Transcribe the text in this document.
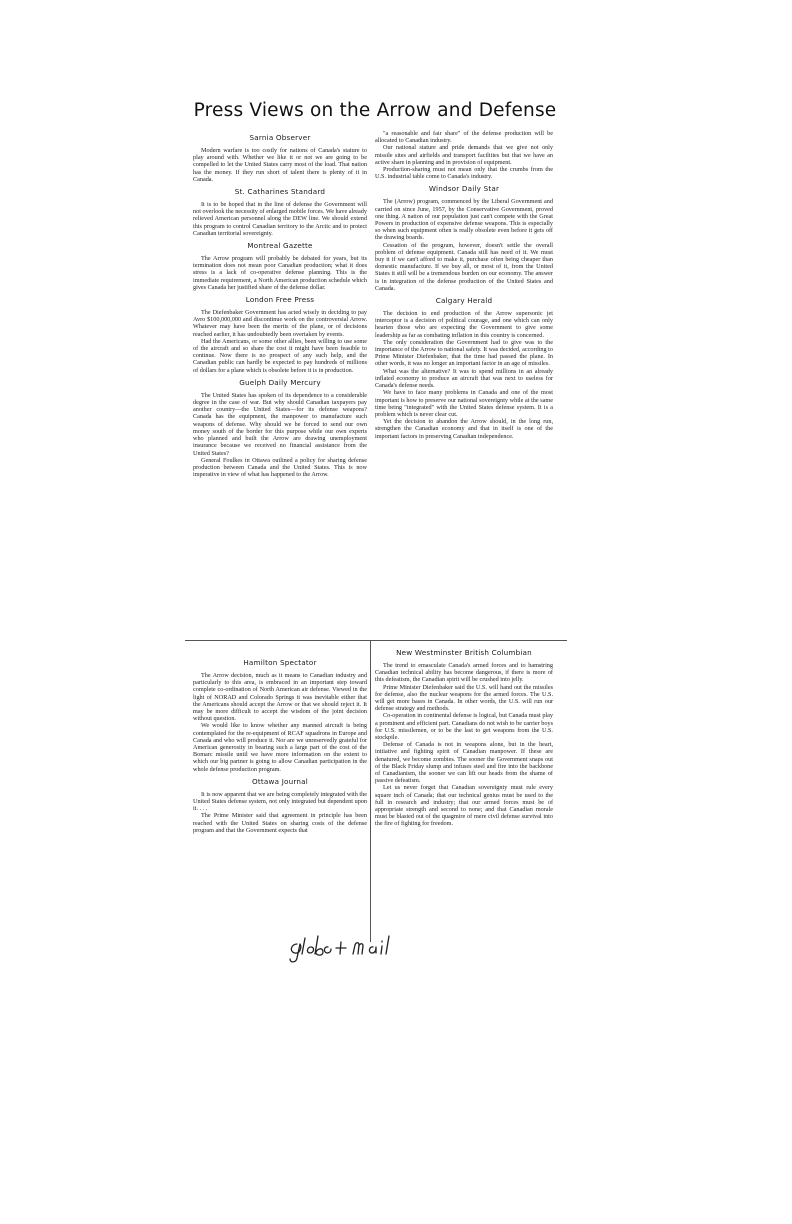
Press Views on the Arrow and Defense
Sarnia Observer

Modern warfare is too costly for nations of Canada's stature to play around with. Whether we like it or not we are going to be compelled to let the United States carry most of the load. That nation has the money. If they run short of talent there is plenty of it in Canada.

St. Catharines Standard

It is to be hoped that in the line of defense the Government will not overlook the necessity of enlarged mobile forces. We have already relieved American personnel along the DEW line. We should extend this program to control Canadian territory to the Arctic and to protect Canadian territorial sovereignty.

Montreal Gazette

The Arrow program will probably be debated for years, but its termination does not mean poor Canadian production; what it does stress is a lack of co-operative defense planning. This is the immediate requirement, a North American production schedule which gives Canada her justified share of the defense dollar.

London Free Press

The Diefenbaker Government has acted wisely in deciding to pay Avro $100,000,000 and discontinue work on the controversial Arrow. Whatever may have been the merits of the plane, or of decisions reached earlier, it has undoubtedly been overtaken by events.

Had the Americans, or some other allies, been willing to use some of the aircraft and so share the cost it might have been feasible to continue. Now there is no prospect of any such help, and the Canadian public can hardly be expected to pay hundreds of millions of dollars for a plane which is obsolete before it is in production.

Guelph Daily Mercury

The United States has spoken of its dependence to a considerable degree in the case of war. But why should Canadian taxpayers pay another country—the United States—for its defense weapons? Canada has the equipment, the manpower to manufacture such weapons of defense. Why should we be forced to send our own money south of the border for this purpose while our own experts who planned and built the Arrow are drawing unemployment insurance because we received no financial assistance from the United States?

General Foulkes in Ottawa outlined a policy for sharing defense production between Canada and the United States. This is now imperative in view of what has happened to the Arrow.

"a reasonable and fair share" of the defense production will be allocated to Canadian industry.

Our national stature and pride demands that we give not only missile sites and airfields and transport facilities but that we have an active share in planning and in provision of equipment.

Production-sharing must not mean only that the crumbs from the U.S. industrial table come to Canada's industry.

Windsor Daily Star

The (Arrow) program, commenced by the Liberal Government and carried on since June, 1957, by the Conservative Government, proved one thing. A nation of our population just can't compete with the Great Powers in production of expensive defense weapons. This is especially so when such equipment often is really obsolete even before it gets off the drawing boards.

Cessation of the program, however, doesn't settle the overall problem of defense equipment. Canada still has need of it. We must buy it if we can't afford to make it, purchase often being cheaper than domestic manufacture. If we buy all, or most of it, from the United States it still will be a tremendous burden on our economy. The answer is in integration of the defense production of the United States and Canada.

Calgary Herald

The decision to end production of the Arrow supersonic jet interceptor is a decision of political courage, and one which can only hearten those who are expecting the Government to give some leadership as far as combating inflation in this country is concerned.

The only consideration the Government had to give was to the importance of the Arrow to national safety. It was decided, according to Prime Minister Diefenbaker, that the time had passed the plane. In other words, it was no longer an important factor in an age of missiles.

What was the alternative? It was to spend millions in an already inflated economy to produce an aircraft that was next to useless for Canada's defense needs.

We have to face many problems in Canada and one of the most important is how to preserve our national sovereignty while at the same time being "integrated" with the United States defense system. It is a problem which is never clear cut.

Yet the decision to abandon the Arrow should, in the long run, strengthen the Canadian economy and that in itself is one of the important factors in preserving Canadian independence.

Hamilton Spectator

The Arrow decision, much as it means to Canadian industry and particularly to this area, is embraced in an important step toward complete co-ordination of North American air defense. Viewed in the light of NORAD and Colorado Springs it was inevitable either that the Americans should accept the Arrow or that we should reject it. It may be more difficult to accept the wisdom of the joint decision without question.

We would like to know whether any manned aircraft is being contemplated for the re-equipment of RCAF squadrons in Europe and Canada and who will produce it. Nor are we unreservedly grateful for American generosity in bearing such a large part of the cost of the Bomarc missile until we have more information on the extent to which our big partner is going to allow Canadian participation in the whole defense production program.

Ottawa Journal

It is now apparent that we are being completely integrated with the United States defense system, not only integrated but dependent upon it. . . .

The Prime Minister said that agreement in principle has been reached with the United States on sharing costs of the defense program and that the Government expects that

New Westminster British Columbian

The trend to emasculate Canada's armed forces and to hamstring Canadian technical ability has become dangerous, if there is more of this defeatism, the Canadian spirit will be crushed into jelly.

Prime Minister Diefenbaker said the U.S. will hand out the missiles for defense, also the nuclear weapons for the armed forces. The U.S. will get more bases in Canada. In other words, the U.S. will run our defense strategy and methods.

Co-operation in continental defense is logical, but Canada must play a prominent and efficient part. Canadians do not wish to be carrier boys for U.S. missilemen, or to be the last to get weapons from the U.S. stockpile.

Defense of Canada is not in weapons alone, but in the heart, initiative and fighting spirit of Canadian manpower. If these are denatured, we become zombies. The sooner the Government snaps out of the Black Friday slump and infuses steel and fire into the backbone of Canadianism, the sooner we can lift our heads from the shame of passive defeatism.

Let us never forget that Canadian sovereignty must rule every square inch of Canada; that our technical genius must be used to the full in research and industry; that our armed forces must be of appropriate strength and second to none; and that Canadian morale must be blasted out of the quagmire of mere civil defense survival into the fire of fighting for freedom.
